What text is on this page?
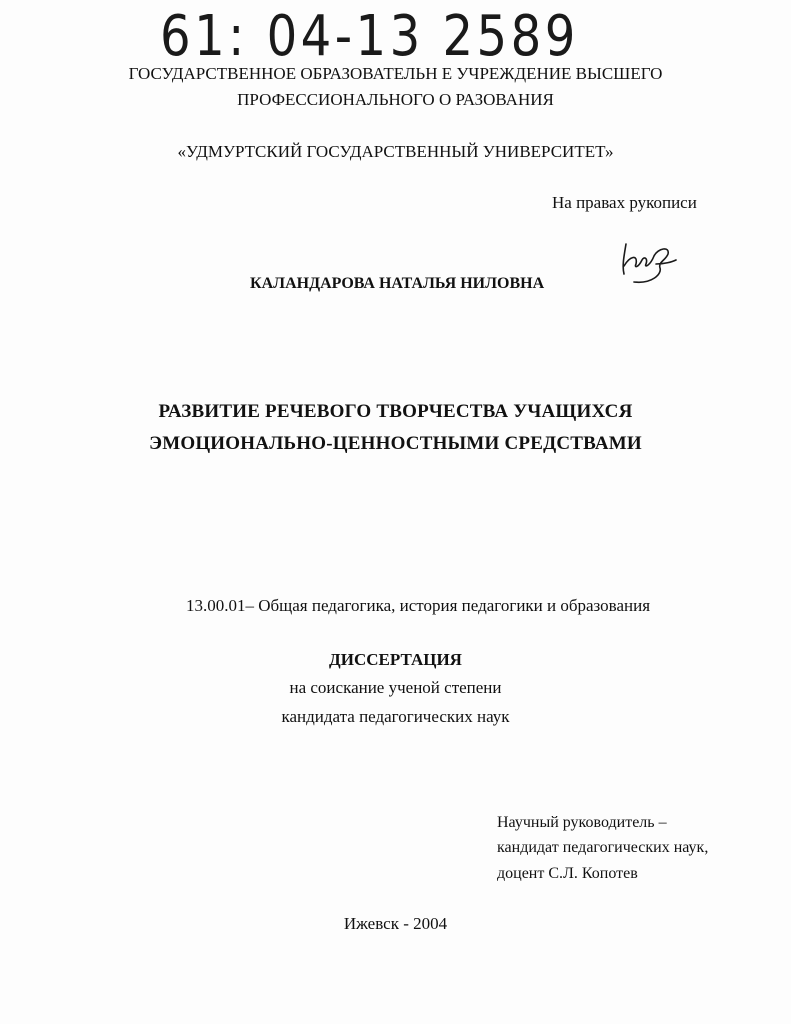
61: 04-13 2589
ГОСУДАРСТВЕННОЕ ОБРАЗОВАТЕЛЬН Е УЧРЕЖДЕНИЕ ВЫСШЕГО
ПРОФЕССИОНАЛЬНОГО О РАЗОВАНИЯ
«УДМУРТСКИЙ ГОСУДАРСТВЕННЫЙ УНИВЕРСИТЕТ»
На правах рукописи
КАЛАНДАРОВА НАТАЛЬЯ НИЛОВНА
РАЗВИТИЕ РЕЧЕВОГО ТВОРЧЕСТВА УЧАЩИХСЯ
ЭМОЦИОНАЛЬНО-ЦЕННОСТНЫМИ СРЕДСТВАМИ
13.00.01– Общая педагогика, история педагогики и образования
ДИССЕРТАЦИЯ
на соискание ученой степени
кандидата педагогических наук
Научный руководитель –
кандидат педагогических наук,
доцент С.Л. Копотев
Ижевск - 2004
